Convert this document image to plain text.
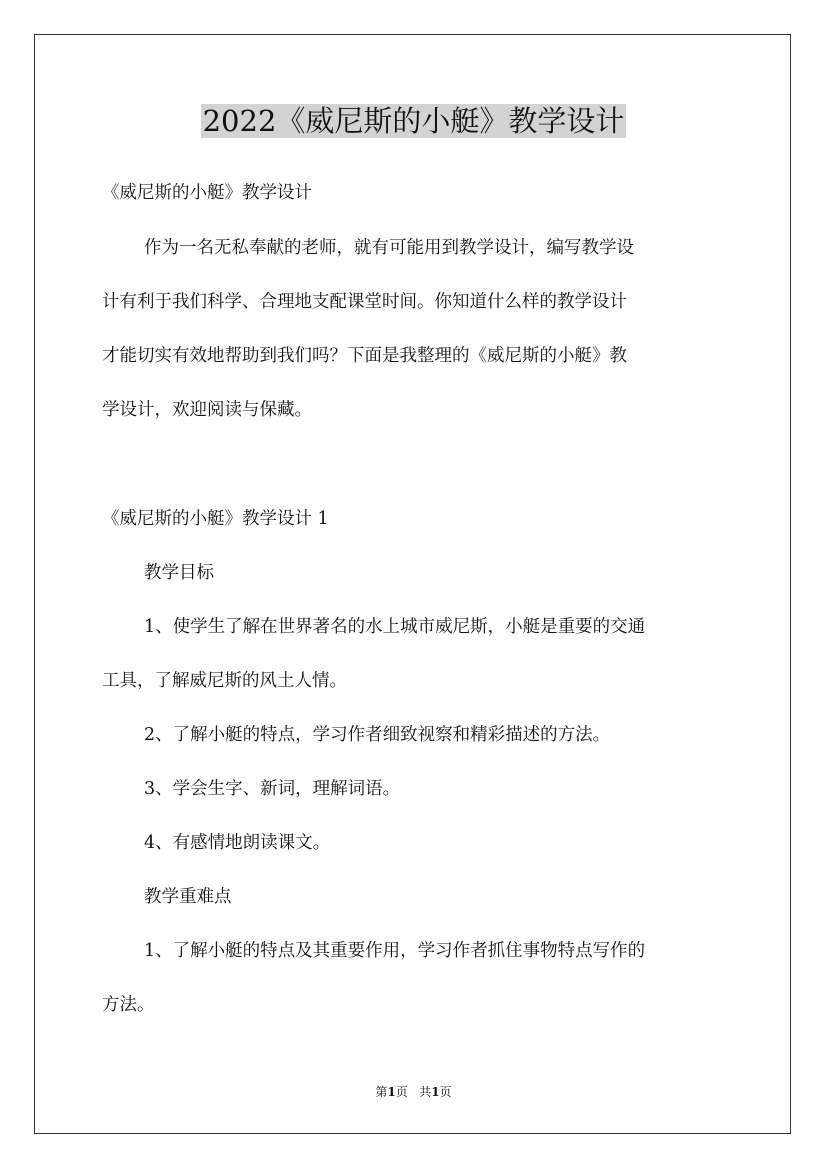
2022《威尼斯的小艇》教学设计

《威尼斯的小艇》教学设计

作为一名无私奉献的老师，就有可能用到教学设计，编写教学设

计有利于我们科学、合理地支配课堂时间。你知道什么样的教学设计

才能切实有效地帮助到我们吗？下面是我整理的《威尼斯的小艇》教

学设计，欢迎阅读与保藏。

《威尼斯的小艇》教学设计 1

教学目标

1、使学生了解在世界著名的水上城市威尼斯，小艇是重要的交通

工具，了解威尼斯的风土人情。

2、了解小艇的特点，学习作者细致视察和精彩描述的方法。

3、学会生字、新词，理解词语。

4、有感情地朗读课文。

教学重难点

1、了解小艇的特点及其重要作用，学习作者抓住事物特点写作的

方法。

第1页 共1页
